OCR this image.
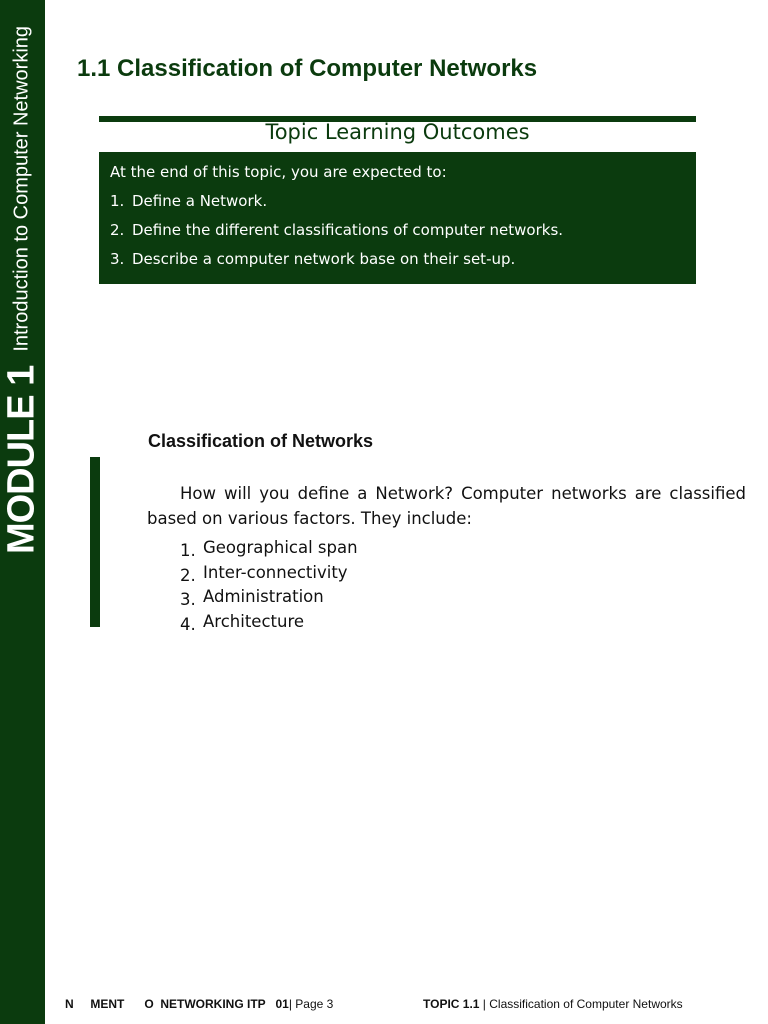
MODULE 1
Introduction to Computer Networking 1.1 Classification of Computer Networks
Topic Learning Outcomes
At the end of this topic, you are expected to:
1. Define a Network.
2. Define the different classifications of computer networks.
3. Describe a computer network base on their set-up.
Classification of Networks

How will you define a Network? Computer networks are classified based on various factors. They include:

1. Geographical span
2. Inter-connectivity
3. Administration
4. Architecture
N     MENT      O  NETWORKING ITP   01| Page 3	TOPIC 1.1 | Classification of Computer Networks
